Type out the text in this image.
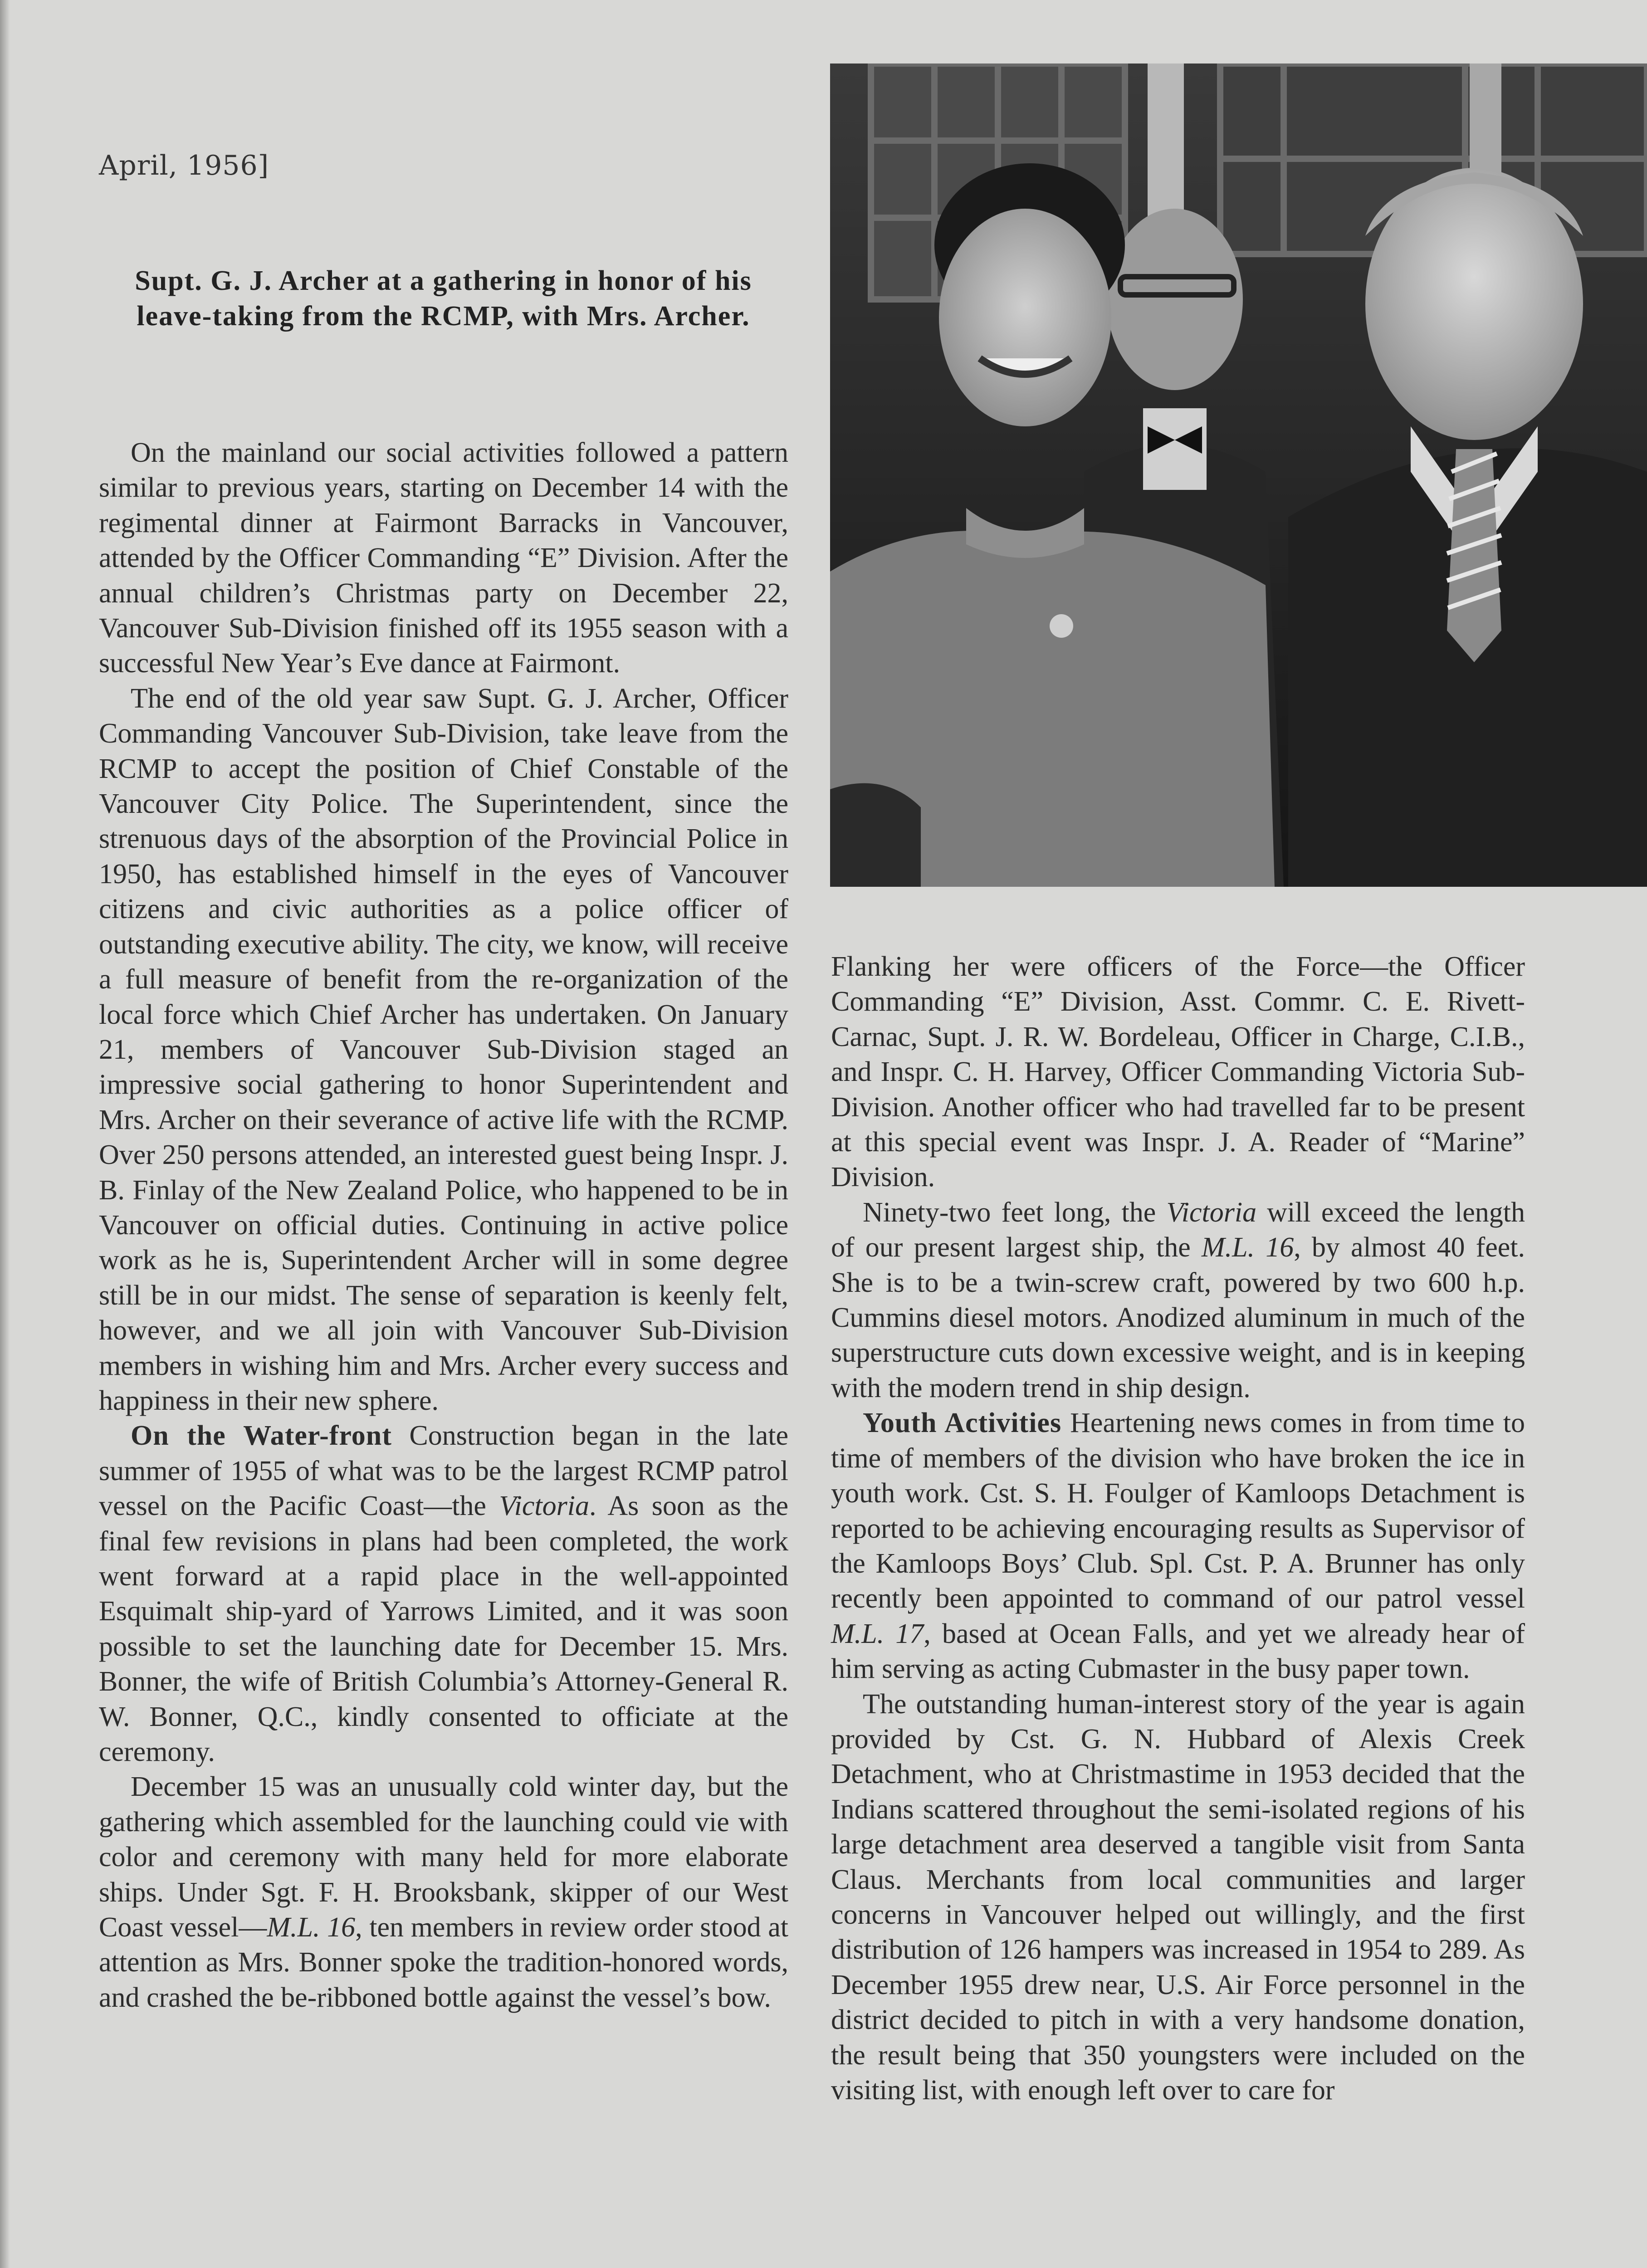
April, 1956]
Supt. G. J. Archer at a gathering in honor of his leave-taking from the RCMP, with Mrs. Archer.

On the mainland our social activities followed a pattern similar to previous years, starting on December 14 with the regimental dinner at Fairmont Barracks in Vancouver, attended by the Officer Commanding “E” Division. After the annual children’s Christmas party on December 22, Vancouver Sub-Division finished off its 1955 season with a successful New Year’s Eve dance at Fairmont.

The end of the old year saw Supt. G. J. Archer, Officer Commanding Vancouver Sub-Division, take leave from the RCMP to accept the position of Chief Constable of the Vancouver City Police. The Superintendent, since the strenuous days of the absorption of the Provincial Police in 1950, has established himself in the eyes of Vancouver citizens and civic authorities as a police officer of outstanding executive ability. The city, we know, will receive a full measure of benefit from the re-organization of the local force which Chief Archer has undertaken. On January 21, members of Vancouver Sub-Division staged an impressive social gathering to honor Superintendent and Mrs. Archer on their severance of active life with the RCMP. Over 250 persons attended, an interested guest being Inspr. J. B. Finlay of the New Zealand Police, who happened to be in Vancouver on official duties. Continuing in active police work as he is, Superintendent Archer will in some degree still be in our midst. The sense of separation is keenly felt, however, and we all join with Vancouver Sub-Division members in wishing him and Mrs. Archer every success and happiness in their new sphere.

On the Water-front Construction began in the late summer of 1955 of what was to be the largest RCMP patrol vessel on the Pacific Coast—the Victoria. As soon as the final few revisions in plans had been completed, the work went forward at a rapid place in the well-appointed Esquimalt ship-yard of Yarrows Limited, and it was soon possible to set the launching date for December 15. Mrs. Bonner, the wife of British Columbia’s Attorney-General R. W. Bonner, Q.C., kindly consented to officiate at the ceremony.

December 15 was an unusually cold winter day, but the gathering which assembled for the launching could vie with color and ceremony with many held for more elaborate ships. Under Sgt. F. H. Brooksbank, skipper of our West Coast vessel—M.L. 16, ten members in review order stood at attention as Mrs. Bonner spoke the tradition-honored words, and crashed the be-ribboned bottle against the vessel’s bow.

Flanking her were officers of the Force—the Officer Commanding “E” Division, Asst. Commr. C. E. Rivett-Carnac, Supt. J. R. W. Bordeleau, Officer in Charge, C.I.B., and Inspr. C. H. Harvey, Officer Commanding Victoria Sub-Division. Another officer who had travelled far to be present at this special event was Inspr. J. A. Reader of “Marine” Division.

Ninety-two feet long, the Victoria will exceed the length of our present largest ship, the M.L. 16, by almost 40 feet. She is to be a twin-screw craft, powered by two 600 h.p. Cummins diesel motors. Anodized aluminum in much of the superstructure cuts down excessive weight, and is in keeping with the modern trend in ship design.

Youth Activities Heartening news comes in from time to time of members of the division who have broken the ice in youth work. Cst. S. H. Foulger of Kamloops Detachment is reported to be achieving encouraging results as Supervisor of the Kamloops Boys’ Club. Spl. Cst. P. A. Brunner has only recently been appointed to command of our patrol vessel M.L. 17, based at Ocean Falls, and yet we already hear of him serving as acting Cubmaster in the busy paper town.

The outstanding human-interest story of the year is again provided by Cst. G. N. Hubbard of Alexis Creek Detachment, who at Christmastime in 1953 decided that the Indians scattered throughout the semi-isolated regions of his large detachment area deserved a tangible visit from Santa Claus. Merchants from local communities and larger concerns in Vancouver helped out willingly, and the first distribution of 126 hampers was increased in 1954 to 289. As December 1955 drew near, U.S. Air Force personnel in the district decided to pitch in with a very handsome donation, the result being that 350 youngsters were included on the visiting list, with enough left over to care for
